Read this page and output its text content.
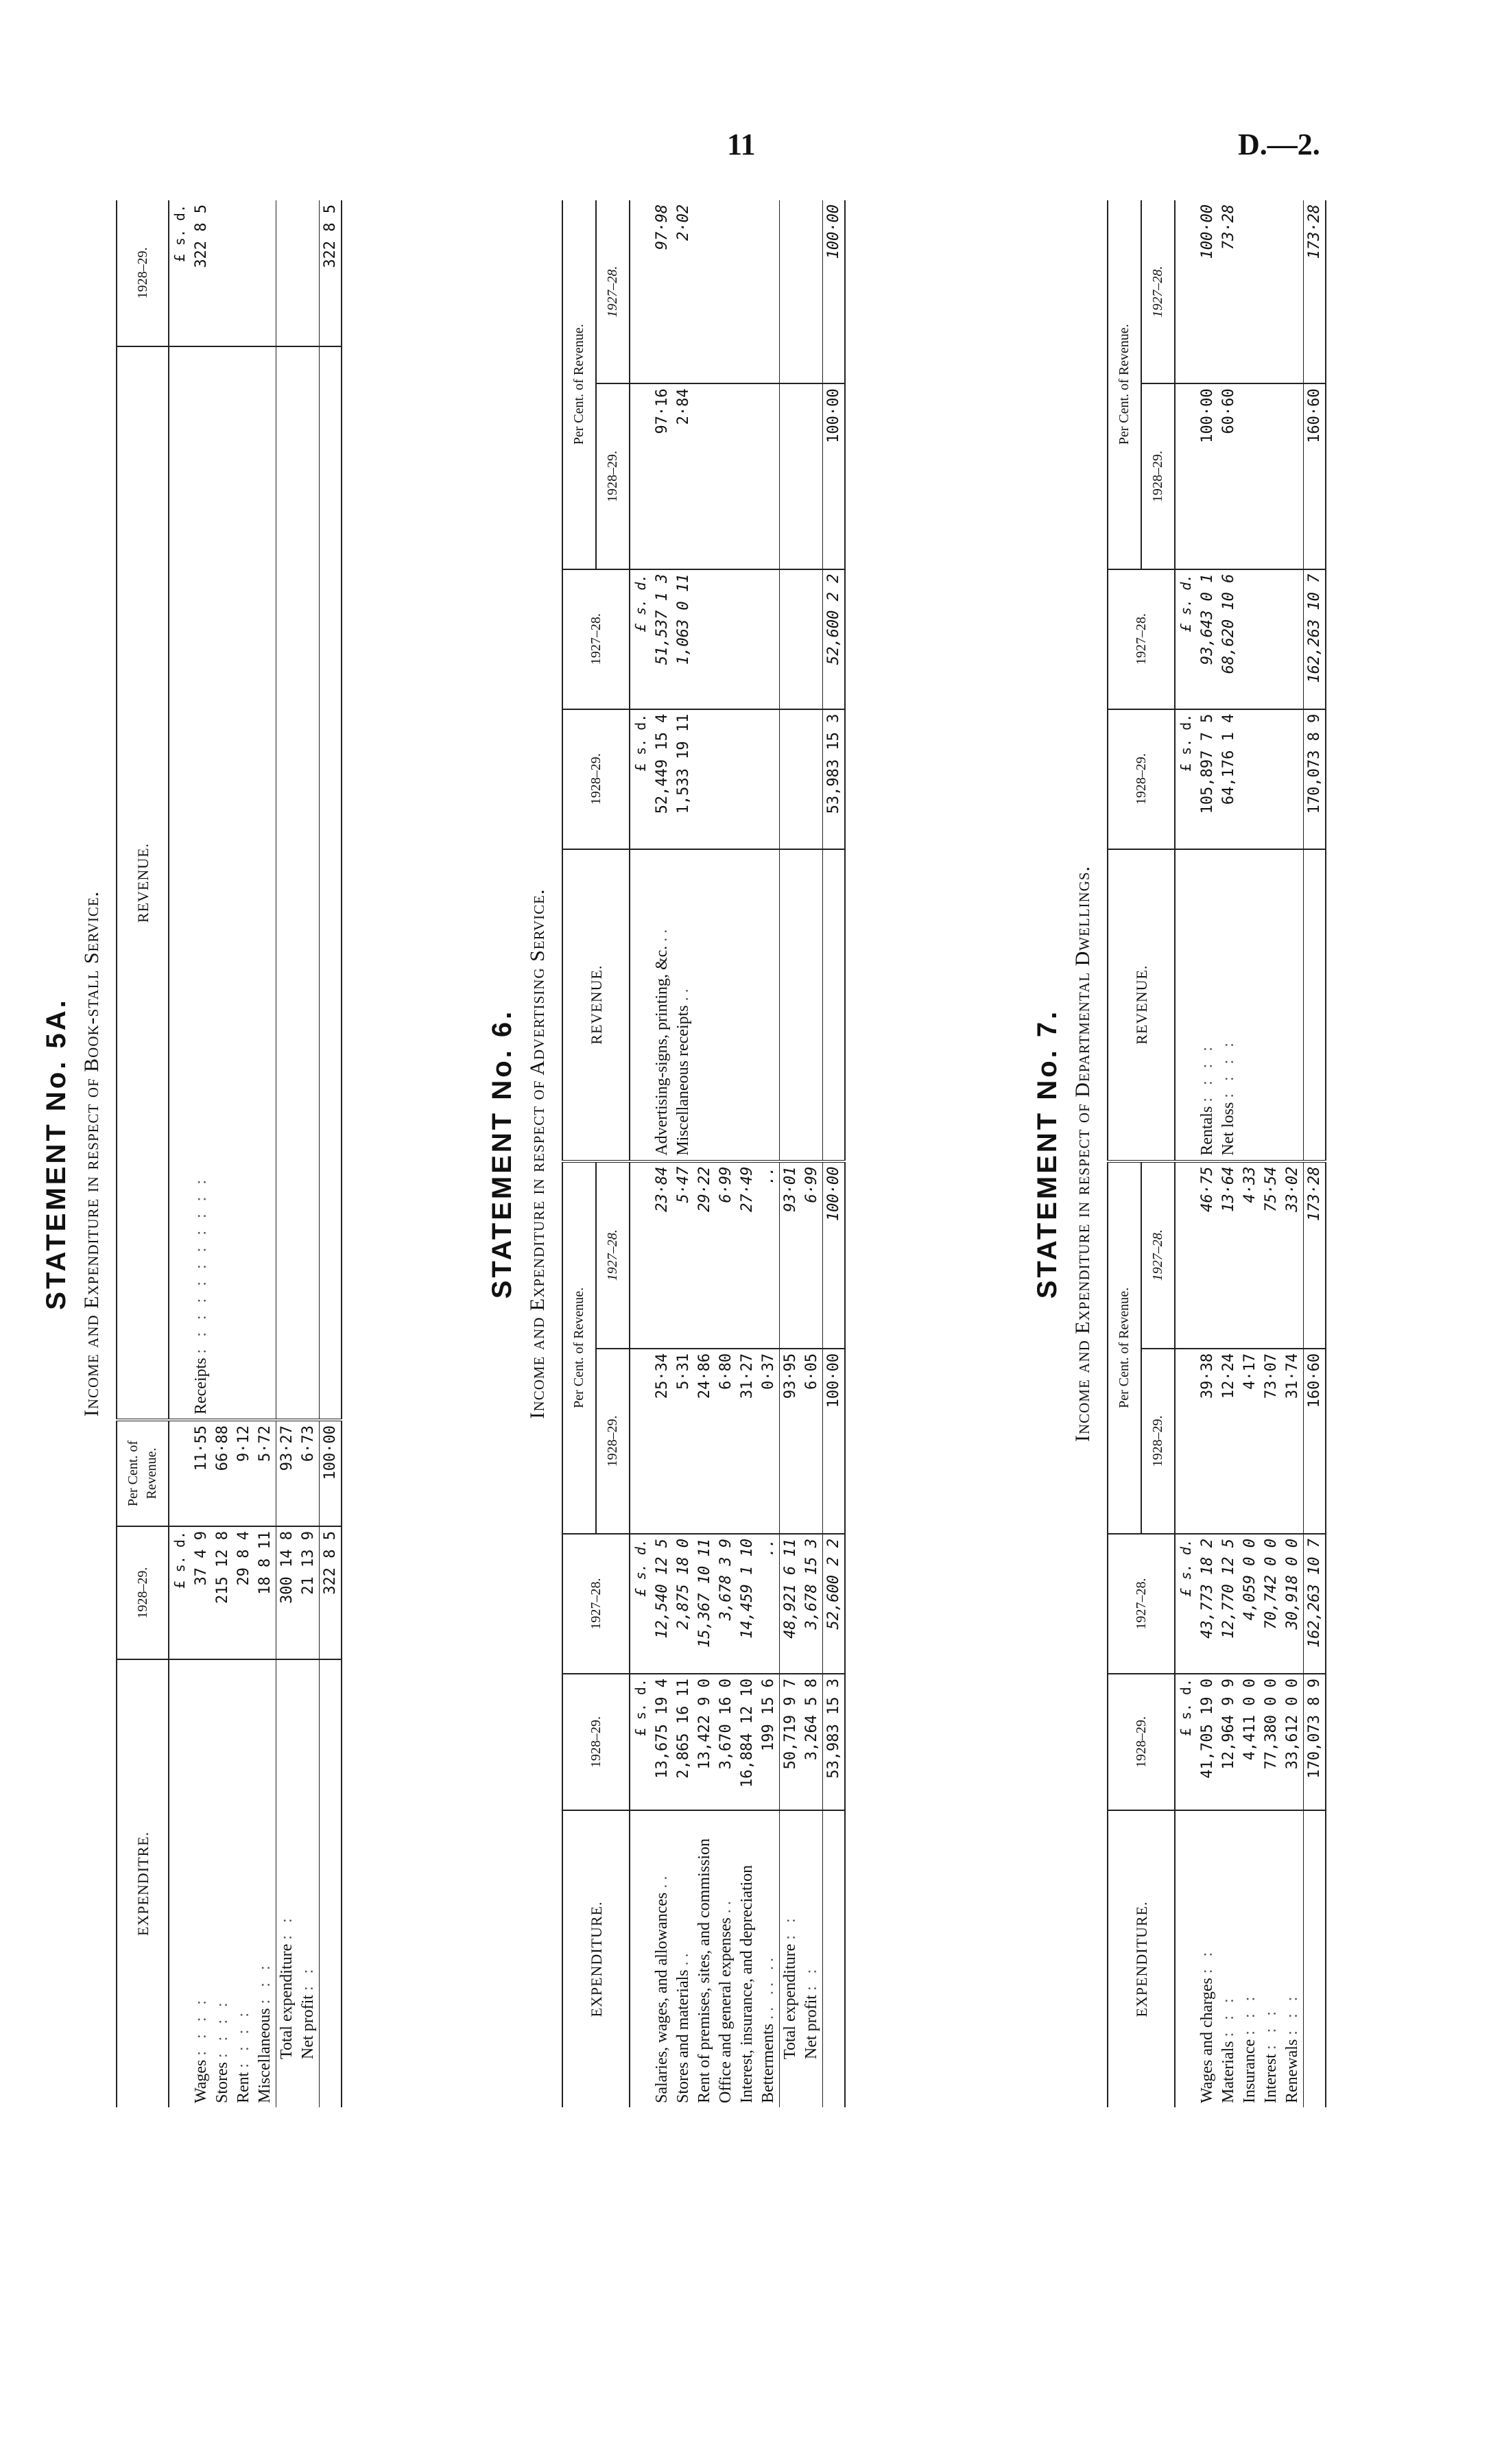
11	D.—2.
STATEMENT No. 5A. Income and Expenditure in respect of Book-stall Service.
EXPENDITRE.	1928–29.	Per Cent. of Revenue.	REVENUE.	1928–29.
	£ s. d.			£ s. d.
Wages : : : :	37 4 9	11·55	Receipts : : : : : : : : : : :	322 8 5
Stores : : : :	215 12 8	66·88		
Rent : : : :	29 8 4	9·12		
Miscellaneous : : :	18 8 11	5·72		
Total expenditure : :	300 14 8	93·27		
Net profit : :	21 13 9	6·73		
	322 8 5	100·00		322 8 5
STATEMENT No. 6. Income and Expenditure in respect of Advertising Service.
EXPENDITURE.	1928–29.	1927–28.	Per Cent. of Revenue.		REVENUE.	1928–29.	1927–28.	Per Cent. of Revenue.	
			1928–29.	1927–28.				1928–29.	1927–28.
	£ s. d.	£ s. d.				£ s. d.	£ s. d.		
Salaries, wages, and allowances ..	13,675 19 4	12,540 12 5	25·34	23·84	Advertising-signs, printing, &c. ..	52,449 15 4	51,537 1 3	97·16	97·98
Stores and materials ..	2,865 16 11	2,875 18 0	5·31	5·47	Miscellaneous receipts ..	1,533 19 11	1,063 0 11	2·84	2·02
Rent of premises, sites, and commission	13,422 9 0	15,367 10 11	24·86	29·22					
Office and general expenses ..	3,670 16 0	3,678 3 9	6·80	6·99					
Interest, insurance, and depreciation	16,884 12 10	14,459 1 10	31·27	27·49					
Betterments .. .. ..	199 15 6	..	0·37	..					
Total expenditure : :	50,719 9 7	48,921 6 11	93·95	93·01					
Net profit : :	3,264 5 8	3,678 15 3	6·05	6·99					
	53,983 15 3	52,600 2 2	100·00	100·00		53,983 15 3	52,600 2 2	100·00	100·00
STATEMENT No. 7. Income and Expenditure in respect of Departmental Dwellings.
EXPENDITURE.	1928–29.	1927–28.	Per Cent. of Revenue.		REVENUE.	1928–29.	1927–28.	Per Cent. of Revenue.	
			1928–29.	1927–28.				1928–29.	1927–28.
	£ s. d.	£ s. d.				£ s. d.	£ s. d.		
Wages and charges : :	41,705 19 0	43,773 18 2	39·38	46·75	Rentals : : : :	105,897 7 5	93,643 0 1	100·00	100·00
Materials : : :	12,964 9 9	12,770 12 5	12·24	13·64	Net loss : : : :	64,176 1 4	68,620 10 6	60·60	73·28
Insurance : : :	4,411 0 0	4,059 0 0	4·17	4·33					
Interest : : :	77,380 0 0	70,742 0 0	73·07	75·54					
Renewals : : :	33,612 0 0	30,918 0 0	31·74	33·02					
	170,073 8 9	162,263 10 7	160·60	173·28		170,073 8 9	162,263 10 7	160·60	173·28
